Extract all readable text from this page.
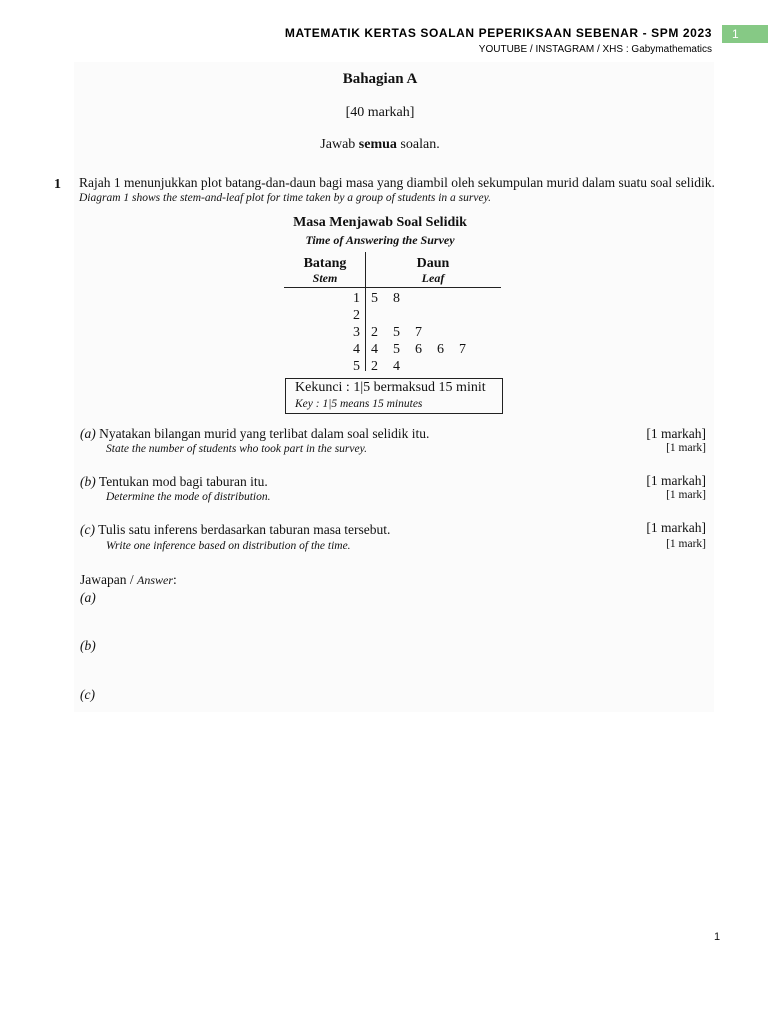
MATEMATIK KERTAS SOALAN PEPERIKSAAN SEBENAR - SPM 2023
YOUTUBE / INSTAGRAM / XHS : Gabymathematics
1
Bahagian A
[40 markah]
Jawab semua soalan.
1 Rajah 1 menunjukkan plot batang-dan-daun bagi masa yang diambil oleh sekumpulan murid dalam suatu soal selidik.
Diagram 1 shows the stem-and-leaf plot for time taken by a group of students in a survey.
Masa Menjawab Soal Selidik
Time of Answering the Survey
Batang
Stem
Daun
Leaf
1 5 8
2
3 2 5 7
4 4 5 6 6 7
5 2 4
Kekunci : 1|5 bermaksud 15 minit
Key : 1|5 means 15 minutes
(a) Nyatakan bilangan murid yang terlibat dalam soal selidik itu.
State the number of students who took part in the survey.
[1 markah]
[1 mark]
(b) Tentukan mod bagi taburan itu.
Determine the mode of distribution.
[1 markah]
[1 mark]
(c) Tulis satu inferens berdasarkan taburan masa tersebut.
Write one inference based on distribution of the time.
[1 markah]
[1 mark]
Jawapan / Answer:
(a)
(b)
(c)
1
